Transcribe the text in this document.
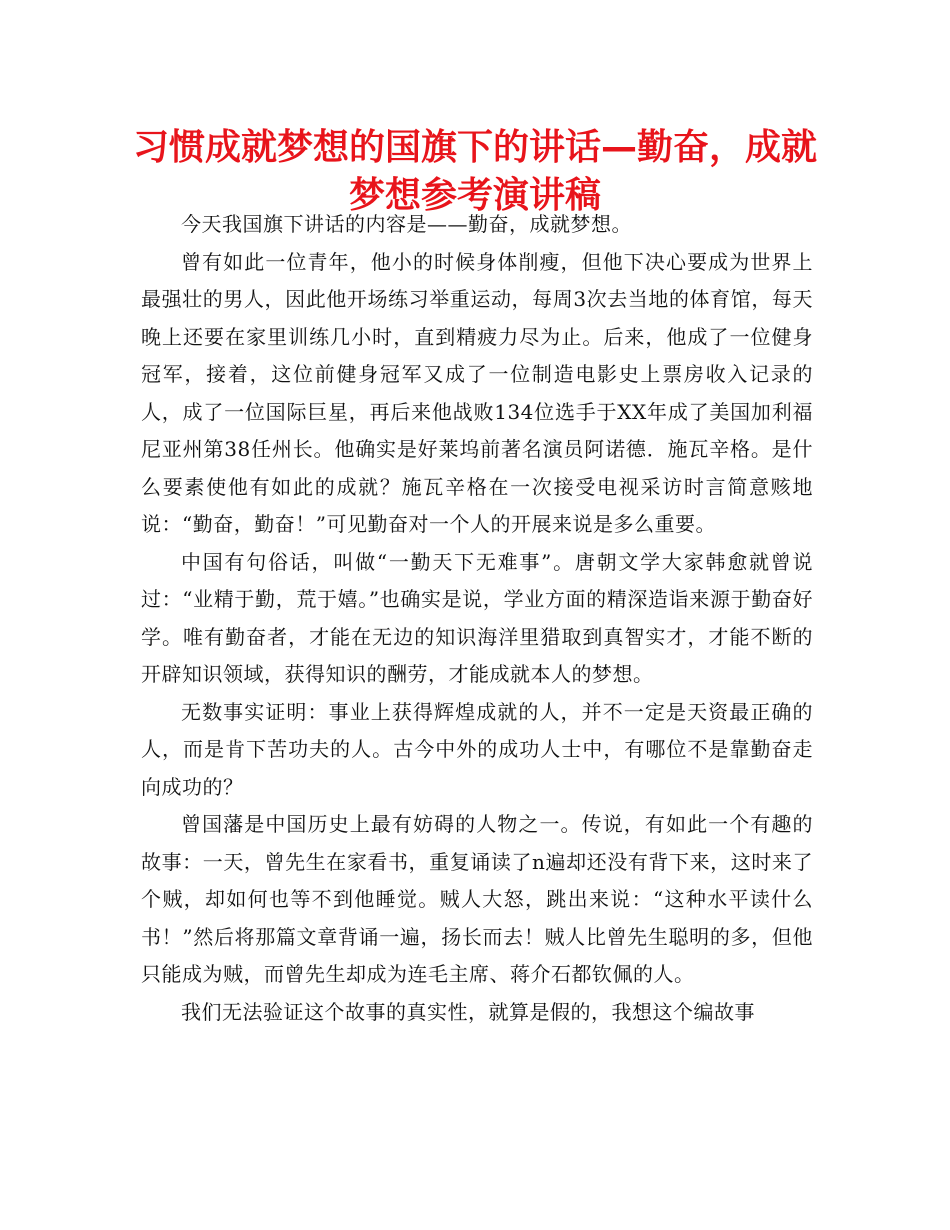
习惯成就梦想的国旗下的讲话—勤奋，成就梦想参考演讲稿

今天我国旗下讲话的内容是——勤奋，成就梦想。

曾有如此一位青年，他小的时候身体削瘦，但他下决心要成为世界上最强壮的男人，因此他开场练习举重运动，每周3次去当地的体育馆，每天晚上还要在家里训练几小时，直到精疲力尽为止。后来，他成了一位健身冠军，接着，这位前健身冠军又成了一位制造电影史上票房收入记录的人，成了一位国际巨星，再后来他战败134位选手于XX年成了美国加利福尼亚州第38任州长。他确实是好莱坞前著名演员阿诺德．施瓦辛格。是什么要素使他有如此的成就？施瓦辛格在一次接受电视采访时言简意赅地说：“勤奋，勤奋！”可见勤奋对一个人的开展来说是多么重要。

中国有句俗话，叫做“一勤天下无难事”。唐朝文学大家韩愈就曾说过：“业精于勤，荒于嬉。”也确实是说，学业方面的精深造诣来源于勤奋好学。唯有勤奋者，才能在无边的知识海洋里猎取到真智实才，才能不断的开辟知识领域，获得知识的酬劳，才能成就本人的梦想。

无数事实证明：事业上获得辉煌成就的人，并不一定是天资最正确的人，而是肯下苦功夫的人。古今中外的成功人士中，有哪位不是靠勤奋走向成功的？

曾国藩是中国历史上最有妨碍的人物之一。传说，有如此一个有趣的故事：一天，曾先生在家看书，重复诵读了n遍却还没有背下来，这时来了个贼，却如何也等不到他睡觉。贼人大怒，跳出来说：“这种水平读什么书！”然后将那篇文章背诵一遍，扬长而去！贼人比曾先生聪明的多，但他只能成为贼，而曾先生却成为连毛主席、蒋介石都钦佩的人。

我们无法验证这个故事的真实性，就算是假的，我想这个编故事
